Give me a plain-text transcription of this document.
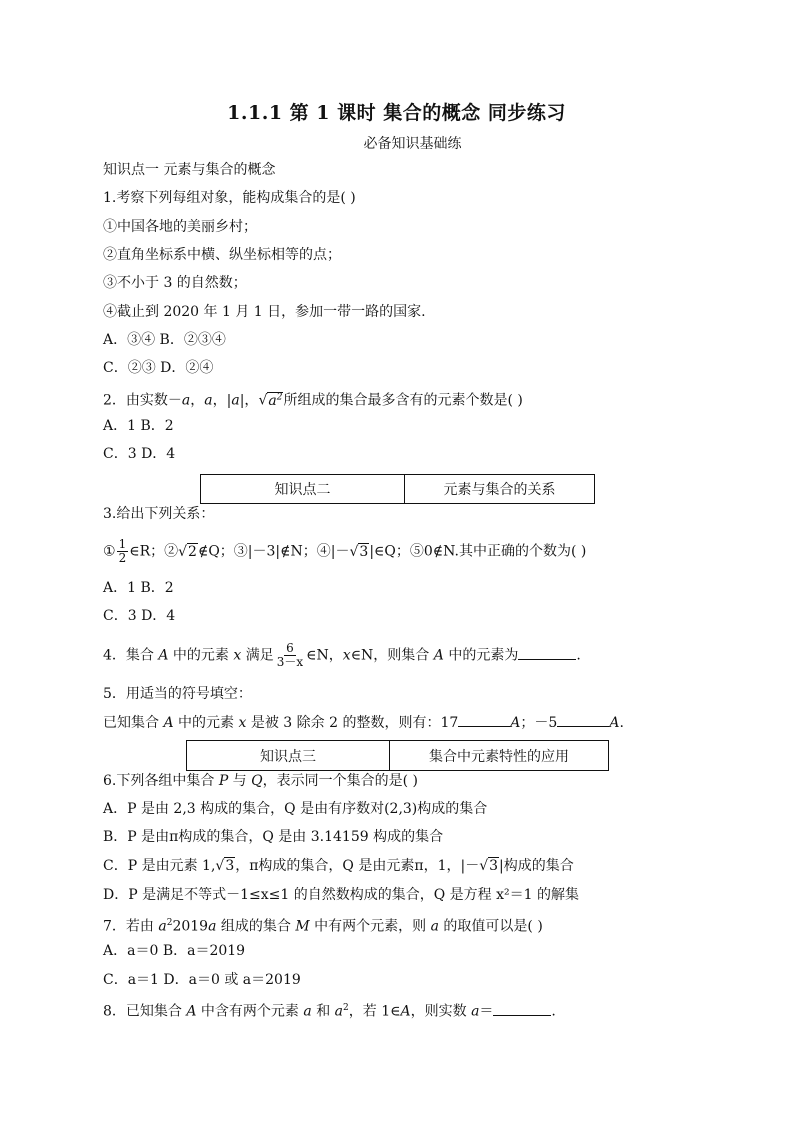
1.1.1 第 1 课时 集合的概念 同步练习
必备知识基础练
知识点一 元素与集合的概念
1.考察下列每组对象，能构成集合的是( )
①中国各地的美丽乡村；
②直角坐标系中横、纵坐标相等的点；
③不小于 3 的自然数；
④截止到 2020 年 1 月 1 日，参加一带一路的国家.
A．③④ B．②③④
C．②③ D．②④
2．由实数－a，a，|a|，$√a^2$所组成的集合最多含有的元素个数是( )
A．1 B．2
C．3 D．4
知识点二	元素与集合的关系
3.给出下列关系：
① $\frac{1}{2}$ ∈R；②√2∉Q；③|－3|∉N；④|－√3|∈Q；⑤0∉N.其中正确的个数为( )
A．1 B．2
C．3 D．4
4．集合 A 中的元素 x 满足 $\frac{6}{3-x}$ ∈N，x∈N，则集合 A 中的元素为	.
5．用适当的符号填空：
已知集合 A 中的元素 x 是被 3 除余 2 的整数，则有：17	A；－5	A.
知识点三	集合中元素特性的应用
6.下列各组中集合 P 与 Q，表示同一个集合的是( )
A．P 是由 2,3 构成的集合，Q 是由有序数对(2,3)构成的集合
B．P 是由π构成的集合，Q 是由 3.14159 构成的集合
C．P 是由元素 1,√3，π构成的集合，Q 是由元素π，1，|－√3|构成的集合
D．P 是满足不等式－1≤x≤1 的自然数构成的集合，Q 是方程 x²＝1 的解集
7．若由 $a^22019a$ 组成的集合 M 中有两个元素，则 a 的取值可以是( )
A．a＝0 B．a＝2019
C．a＝1 D．a＝0 或 a＝2019
8．已知集合 A 中含有两个元素 a 和 $a^2$，若 1∈A，则实数 a＝	.
